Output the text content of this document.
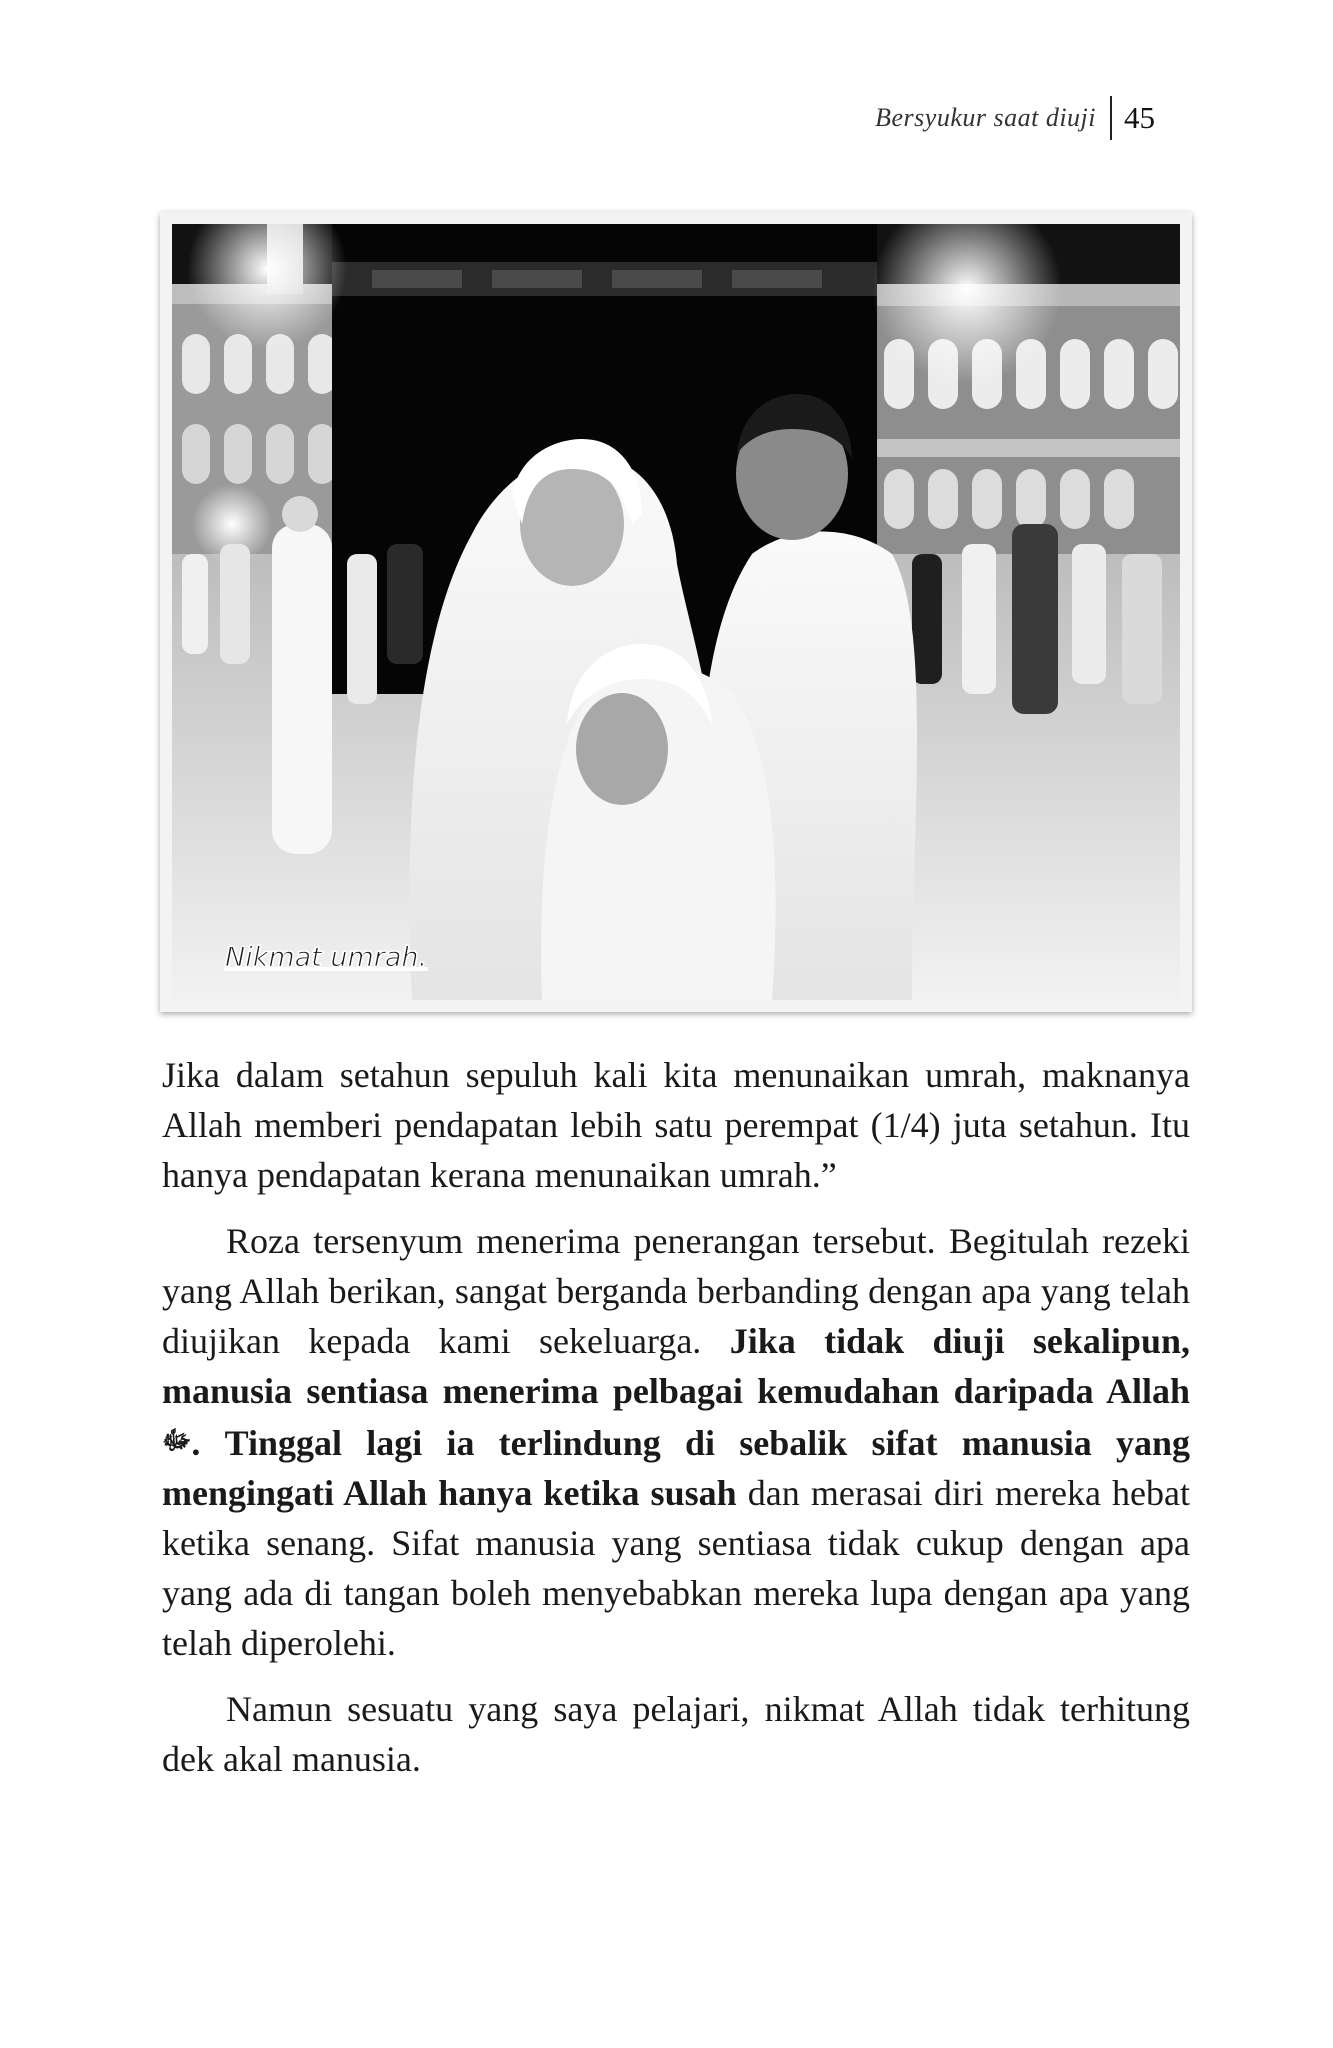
Bersyukur saat diuji 45
Nikmat umrah.

Jika dalam setahun sepuluh kali kita menunaikan umrah, maknanya Allah memberi pendapatan lebih satu perempat (1/4) juta setahun. Itu hanya pendapatan kerana menunaikan umrah.”

Roza tersenyum menerima penerangan tersebut. Begitulah rezeki yang Allah berikan, sangat berganda berbanding dengan apa yang telah diujikan kepada kami sekeluarga. Jika tidak diuji sekalipun, manusia sentiasa menerima pelbagai kemudahan daripada Allah ﷻ. Tinggal lagi ia terlindung di sebalik sifat manusia yang mengingati Allah hanya ketika susah dan merasai diri mereka hebat ketika senang. Sifat manusia yang sentiasa tidak cukup dengan apa yang ada di tangan boleh menyebabkan mereka lupa dengan apa yang telah diperolehi.

Namun sesuatu yang saya pelajari, nikmat Allah tidak terhitung dek akal manusia.
